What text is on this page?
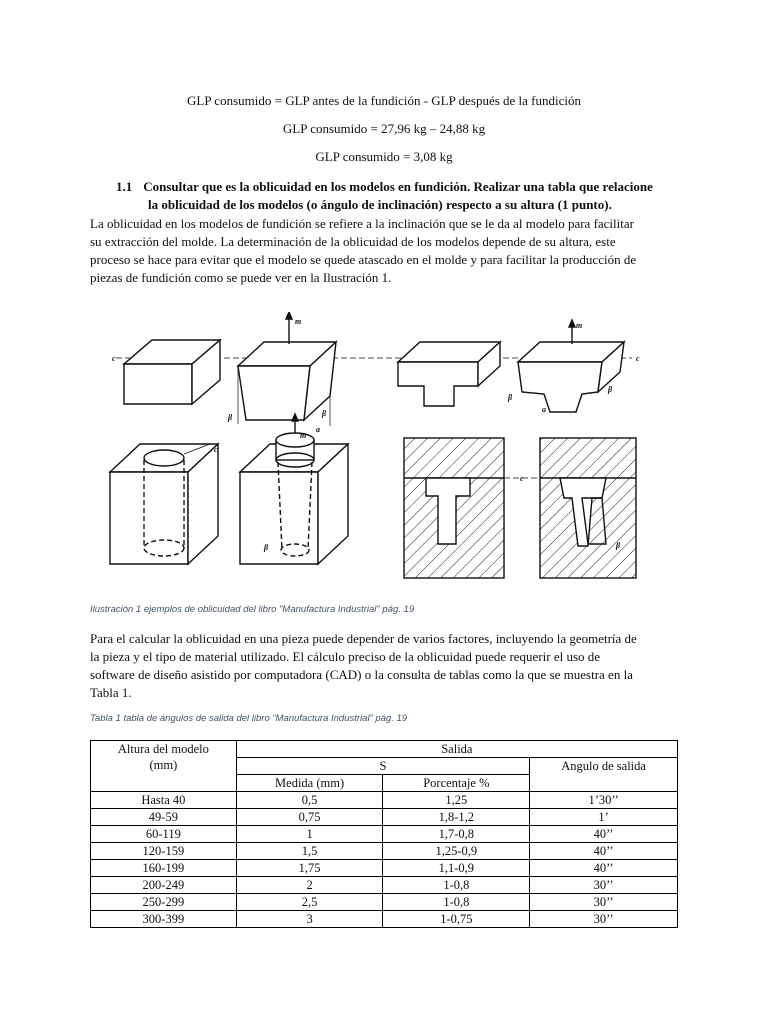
GLP consumido = GLP antes de la fundición - GLP después de la fundición
GLP consumido = 27,96 kg – 24,88 kg
GLP consumido = 3,08 kg
1.1 Consultar que es la oblicuidad en los modelos en fundición. Realizar una tabla que relacione
la oblicuidad de los modelos (o ángulo de inclinación) respecto a su altura (1 punto).
La oblicuidad en los modelos de fundición se refiere a la inclinación que se le da al modelo para facilitar
su extracción del molde. La determinación de la oblicuidad de los modelos depende de su altura, este
proceso se hace para evitar que el modelo se quede atascado en el molde y para facilitar la producción de
piezas de fundición como se puede ver en la Ilustración 1.
m	m
m
c	c
c
c
β	β
β
β
β	β
a
a
Ilustración 1 ejemplos de oblicuidad del libro "Manufactura Industrial" pág. 19
Para el calcular la oblicuidad en una pieza puede depender de varios factores, incluyendo la geometría de
la pieza y el tipo de material utilizado. El cálculo preciso de la oblicuidad puede requerir el uso de
software de diseño asistido por computadora (CAD) o la consulta de tablas como la que se muestra en la
Tabla 1.
Tabla 1 tabla de ángulos de salida del libro “Manufactura Industrial” pág. 19
Altura del modelo
(mm)	Salida		
	S		Angulo de salida
	Medida (mm)	Porcentaje %	
Hasta 40	0,5	1,25	1’30’’
49-59	0,75	1,8-1,2	1’
60-119	1	1,7-0,8	40’’
120-159	1,5	1,25-0,9	40’’
160-199	1,75	1,1-0,9	40’’
200-249	2	1-0,8	30’’
250-299	2,5	1-0,8	30’’
300-399	3	1-0,75	30’’
